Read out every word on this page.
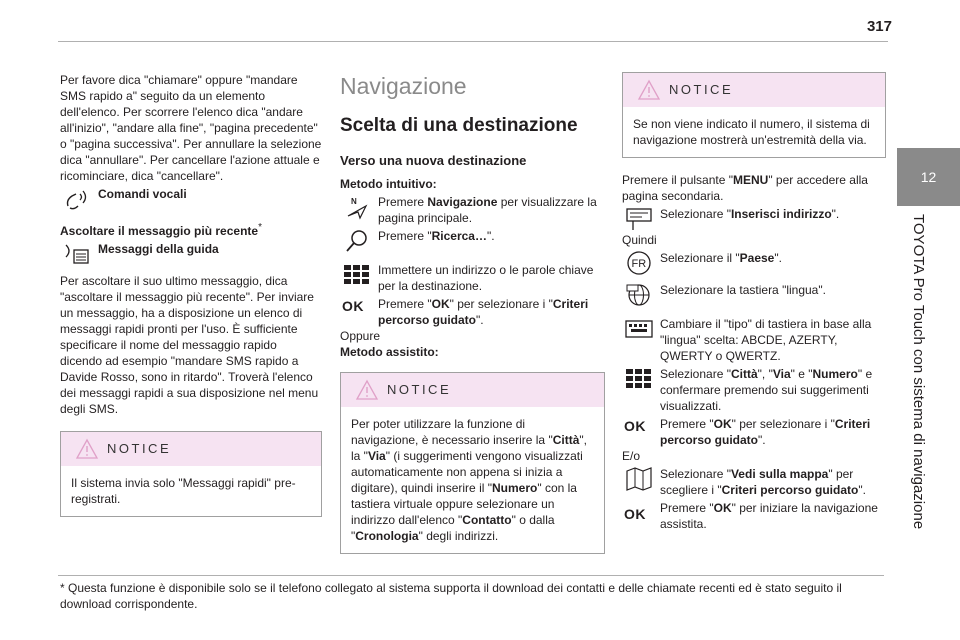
317
12
TOYOTA Pro Touch con sistema di navigazione

Per favore dica "chiamare" oppure "mandare SMS rapido a" seguito da un elemento dell'elenco. Per scorrere l'elenco dica "andare all'inizio", "andare alla fine", "pagina precedente" o "pagina successiva". Per annullare la selezione dica "annullare". Per cancellare l'azione attuale e ricominciare, dica "cancellare".

Comandi vocali

Ascoltare il messaggio più recente*

Messaggi della guida

Per ascoltare il suo ultimo messaggio, dica "ascoltare il messaggio più recente". Per inviare un messaggio, ha a disposizione un elenco di messaggi rapidi pronti per l'uso. È sufficiente specificare il nome del messaggio rapido dicendo ad esempio "mandare SMS rapido a Davide Rosso, sono in ritardo". Troverà l'elenco dei messaggi rapidi a sua disposizione nel menu degli SMS.

NOTICE
Il sistema invia solo "Messaggi rapidi" pre-registrati.
Navigazione
Scelta di una destinazione
Verso una nuova destinazione

Metodo intuitivo:

N Premere Navigazione per visualizzare la pagina principale.
Premere "Ricerca…".
Immettere un indirizzo o le parole chiave per la destinazione.
OK Premere "OK" per selezionare i "Criteri percorso guidato".

Oppure

Metodo assistito:

NOTICE
Per poter utilizzare la funzione di navigazione, è necessario inserire la "Città", la "Via" (i suggerimenti vengono visualizzati automaticamente non appena si inizia a digitare), quindi inserire il "Numero" con la tastiera virtuale oppure selezionare un indirizzo dall'elenco "Contatto" o dalla "Cronologia" degli indirizzi.
NOTICE
Se non viene indicato il numero, il sistema di navigazione mostrerà un'estremità della via.

Premere il pulsante "MENU" per accedere alla pagina secondaria.

Selezionare "Inserisci indirizzo".

Quindi

FR Selezionare il "Paese".
Selezionare la tastiera "lingua".
Cambiare il "tipo" di tastiera in base alla "lingua" scelta: ABCDE, AZERTY, QWERTY o QWERTZ.
Selezionare "Città", "Via" e "Numero" e confermare premendo sui suggerimenti visualizzati.
OK Premere "OK" per selezionare i "Criteri percorso guidato".

E/o

Selezionare "Vedi sulla mappa" per scegliere i "Criteri percorso guidato".
OK Premere "OK" per iniziare la navigazione assistita.
* Questa funzione è disponibile solo se il telefono collegato al sistema supporta il download dei contatti e delle chiamate recenti ed è stato seguito il download corrispondente.
